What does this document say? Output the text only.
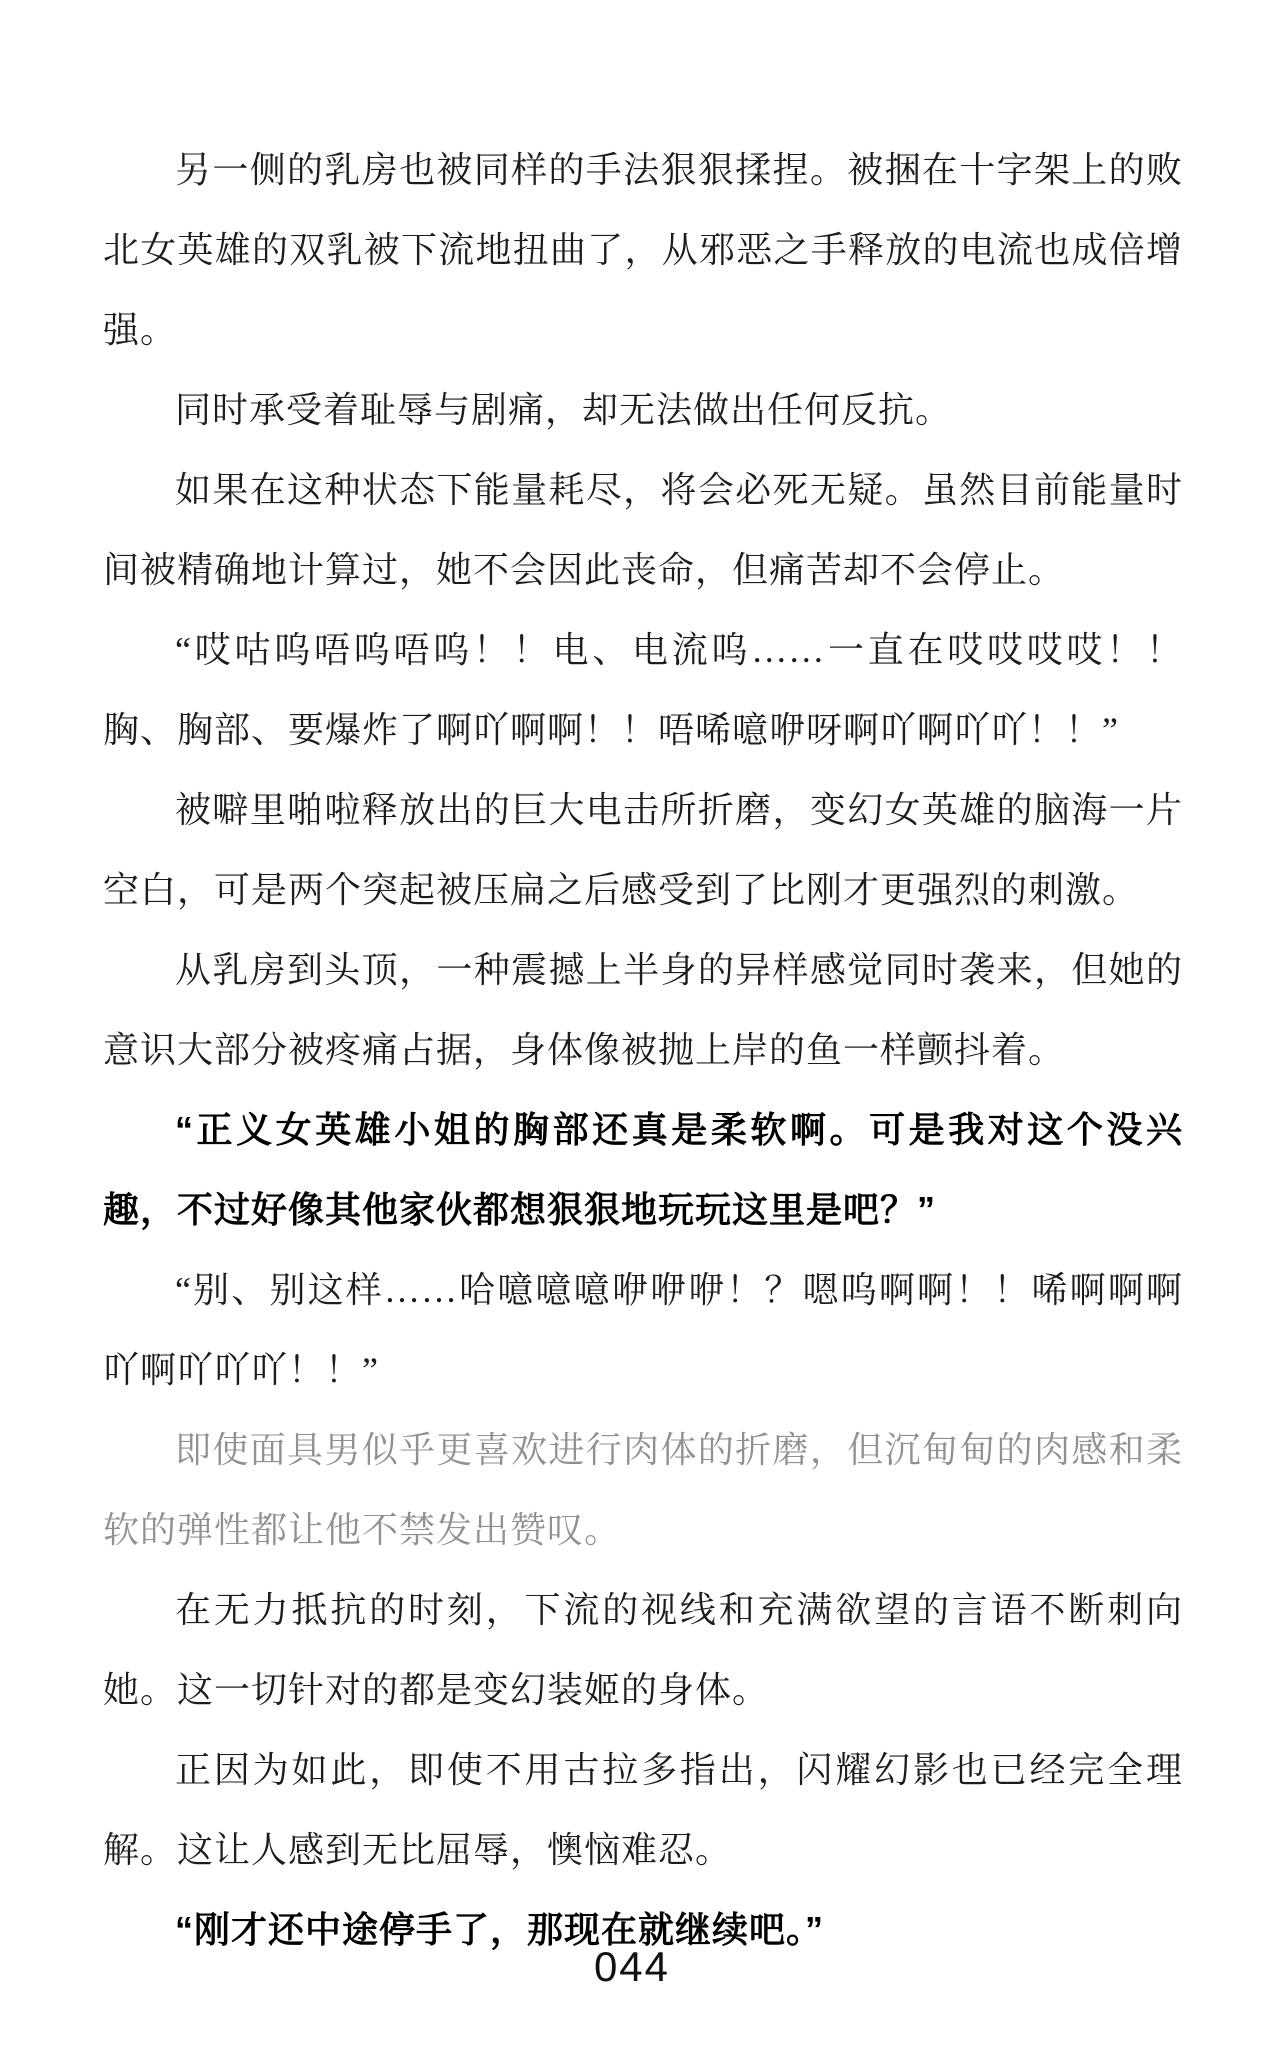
另一侧的乳房也被同样的手法狠狠揉捏。被捆在十字架上的败北女英雄的双乳被下流地扭曲了，从邪恶之手释放的电流也成倍增强。

同时承受着耻辱与剧痛，却无法做出任何反抗。

如果在这种状态下能量耗尽，将会必死无疑。虽然目前能量时间被精确地计算过，她不会因此丧命，但痛苦却不会停止。

“哎咕呜唔呜唔呜！！电、电流呜……一直在哎哎哎哎！！胸、胸部、要爆炸了啊吖啊啊！！唔唏噫咿呀啊吖啊吖吖！！”

被噼里啪啦释放出的巨大电击所折磨，变幻女英雄的脑海一片空白，可是两个突起被压扁之后感受到了比刚才更强烈的刺激。

从乳房到头顶，一种震撼上半身的异样感觉同时袭来，但她的意识大部分被疼痛占据，身体像被抛上岸的鱼一样颤抖着。

“正义女英雄小姐的胸部还真是柔软啊。可是我对这个没兴趣，不过好像其他家伙都想狠狠地玩玩这里是吧？”

“别、别这样……哈噫噫噫咿咿咿！？嗯呜啊啊！！唏啊啊啊吖啊吖吖吖！！”

即使面具男似乎更喜欢进行肉体的折磨，但沉甸甸的肉感和柔软的弹性都让他不禁发出赞叹。

在无力抵抗的时刻，下流的视线和充满欲望的言语不断刺向她。这一切针对的都是变幻装姬的身体。

正因为如此，即使不用古拉多指出，闪耀幻影也已经完全理解。这让人感到无比屈辱，懊恼难忍。

“刚才还中途停手了，那现在就继续吧。”

044
